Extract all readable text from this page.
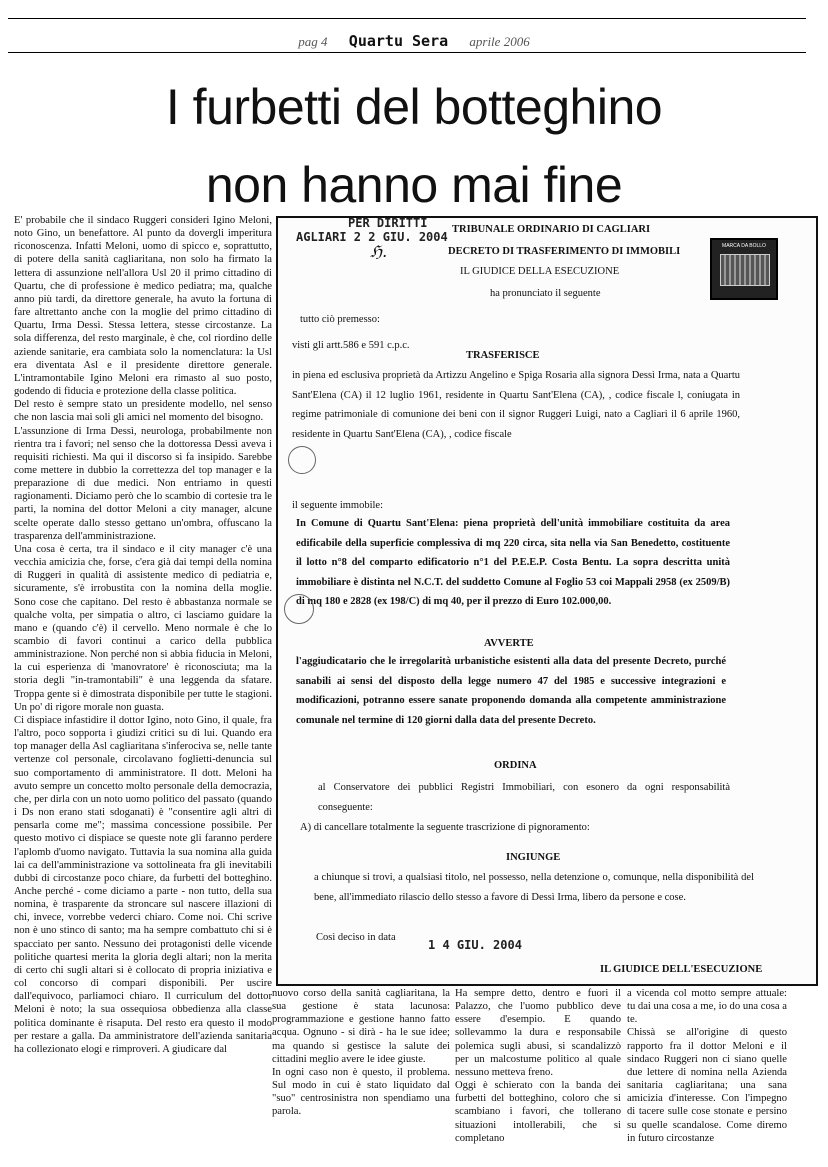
pag 4 Quartu Sera aprile 2006
I furbetti del botteghino
non hanno mai fine

E' probabile che il sindaco Ruggeri consideri Igino Meloni, noto Gino, un benefattore. Al punto da dovergli imperitura riconoscenza. Infatti Meloni, uomo di spicco e, soprattutto, di potere della sanità cagliaritana, non solo ha firmato la lettera di assunzione nell'allora Usl 20 il primo cittadino di Quartu, che di professione è medico pediatra; ma, qualche anno più tardi, da direttore generale, ha avuto la fortuna di fare altrettanto anche con la moglie del primo cittadino di Quartu, Irma Dessì. Stessa lettera, stesse circostanze. La sola differenza, del resto marginale, è che, col riordino delle aziende sanitarie, era cambiata solo la nomenclatura: la Usl era diventata Asl e il presidente direttore generale. L'intramontabile Igino Meloni era rimasto al suo posto, godendo di fiducia e protezione della classe politica.

Del resto è sempre stato un presidente modello, nel senso che non lascia mai soli gli amici nel momento del bisogno.

L'assunzione di Irma Dessì, neurologa, probabilmente non rientra tra i favori; nel senso che la dottoressa Dessì aveva i requisiti richiesti. Ma qui il discorso si fa insipido. Sarebbe come mettere in dubbio la correttezza del top manager e la preparazione di due medici. Non entriamo in questi ragionamenti. Diciamo però che lo scambio di cortesie tra le parti, la nomina del dottor Meloni a city manager, alcune scelte operate dallo stesso gettano un'ombra, offuscano la trasparenza dell'amministrazione.

Una cosa è certa, tra il sindaco e il city manager c'è una vecchia amicizia che, forse, c'era già dai tempi della nomina di Ruggeri in qualità di assistente medico di pediatria e, sicuramente, s'è irrobustita con la nomina della moglie. Sono cose che capitano. Del resto è abbastanza normale se qualche volta, per simpatia o altro, ci lasciamo guidare la mano e (quando c'è) il cervello. Meno normale è che lo scambio di favori continui a carico della pubblica amministrazione. Non perché non si abbia fiducia in Meloni, la cui esperienza di 'manovratore' è riconosciuta; ma la storia degli "in-tramontabili" è una leggenda da sfatare. Troppa gente si è dimostrata disponibile per tutte le stagioni. Un po' di rigore morale non guasta.

Ci dispiace infastidire il dottor Igino, noto Gino, il quale, fra l'altro, poco sopporta i giudizi critici su di lui. Quando era top manager della Asl cagliaritana s'inferociva se, nelle tante vertenze col personale, circolavano foglietti-denuncia sul suo comportamento di amministratore. Il dott. Meloni ha avuto sempre un concetto molto personale della democrazia, che, per dirla con un noto uomo politico del passato (quando i Ds non erano stati sdoganati) è "consentire agli altri di pensarla come me"; massima concessione possibile. Per questo motivo ci dispiace se queste note gli faranno perdere l'aplomb d'uomo navigato. Tuttavia la sua nomina alla guida lai ca dell'amministrazione va sottolineata fra gli inevitabili dubbi di circostanze poco chiare, da furbetti del botteghino. Anche perché - come diciamo a parte - non tutto, della sua nomina, è trasparente da stroncare sul nascere illazioni di chi, invece, vorrebbe vederci chiaro. Come noi. Chi scrive non è uno stinco di santo; ma ha sempre combattuto chi si è spacciato per santo. Nessuno dei protagonisti delle vicende politiche quartesi merita la gloria degli altari; non la merita di certo chi sugli altari si è collocato di propria iniziativa e col concorso di compari disponibili. Per uscire dall'equivoco, parliamoci chiaro. Il curriculum del dottor Meloni è noto; la sua ossequiosa obbedienza alla classe politica dominante è risaputa. Del resto era questo il modo per restare a galla. Da amministratore dell'azienda sanitaria ha collezionato elogi e rimproveri. A giudicare dal

PER DIRITTI
AGLIARI 2 2 GIU. 2004
ℌ.	MARCA DA BOLLO
TRIBUNALE ORDINARIO DI CAGLIARI
DECRETO DI TRASFERIMENTO DI IMMOBILI
IL GIUDICE DELLA ESECUZIONE
ha pronunciato il seguente
tutto ciò premesso:
visti gli artt.586 e 591 c.p.c.
TRASFERISCE
in piena ed esclusiva proprietà da Artizzu Angelino e Spiga Rosaria alla signora Dessì Irma, nata a Quartu Sant'Elena (CA) il 12 luglio 1961, residente in Quartu Sant'Elena (CA), , codice fiscale l, coniugata in regime patrimoniale di comunione dei beni con il signor Ruggeri Luigi, nato a Cagliari il 6 aprile 1960, residente in Quartu Sant'Elena (CA), , codice fiscale
il seguente immobile:
In Comune di Quartu Sant'Elena: piena proprietà dell'unità immobiliare costituita da area edificabile della superficie complessiva di mq 220 circa, sita nella via San Benedetto, costituente il lotto n°8 del comparto edificatorio n°1 del P.E.E.P. Costa Bentu. La sopra descritta unità immobiliare è distinta nel N.C.T. del suddetto Comune al Foglio 53 coi Mappali 2958 (ex 2509/B) di mq 180 e 2828 (ex 198/C) di mq 40, per il prezzo di Euro 102.000,00.
AVVERTE
l'aggiudicatario che le irregolarità urbanistiche esistenti alla data del presente Decreto, purché sanabili ai sensi del disposto della legge numero 47 del 1985 e successive integrazioni e modificazioni, potranno essere sanate proponendo domanda alla competente amministrazione comunale nel termine di 120 giorni dalla data del presente Decreto.
ORDINA
al Conservatore dei pubblici Registri Immobiliari, con esonero da ogni responsabilità conseguente:
A) di cancellare totalmente la seguente trascrizione di pignoramento:
INGIUNGE
a chiunque si trovi, a qualsiasi titolo, nel possesso, nella detenzione o, comunque, nella disponibilità del bene, all'immediato rilascio dello stesso a favore di Dessì Irma, libero da persone e cose.
Così deciso in data
1 4 GIU. 2004
IL GIUDICE DELL'ESECUZIONE

nuovo corso della sanità cagliaritana, la sua gestione è stata lacunosa: programmazione e gestione hanno fatto acqua. Ognuno - si dirà - ha le sue idee; ma quando si gestisce la salute dei cittadini meglio avere le idee giuste.

In ogni caso non è questo, il problema. Sul modo in cui è stato liquidato dal "suo" centrosinistra non spendiamo una parola.

Ha sempre detto, dentro e fuori il Palazzo, che l'uomo pubblico deve essere d'esempio. E quando sollevammo la dura e responsabile polemica sugli abusi, si scandalizzò per un malcostume politico al quale nessuno metteva freno.

Oggi è schierato con la banda dei furbetti del botteghino, coloro che si scambiano i favori, che tollerano situazioni intollerabili, che si completano

a vicenda col motto sempre attuale: tu dai una cosa a me, io do una cosa a te.

Chissà se all'origine di questo rapporto fra il dottor Meloni e il sindaco Ruggeri non ci siano quelle due lettere di nomina nella Azienda sanitaria cagliaritana; una sana amicizia d'interesse. Con l'impegno di tacere sulle cose stonate e persino su quelle scandalose. Come diremo in futuro circostanze
